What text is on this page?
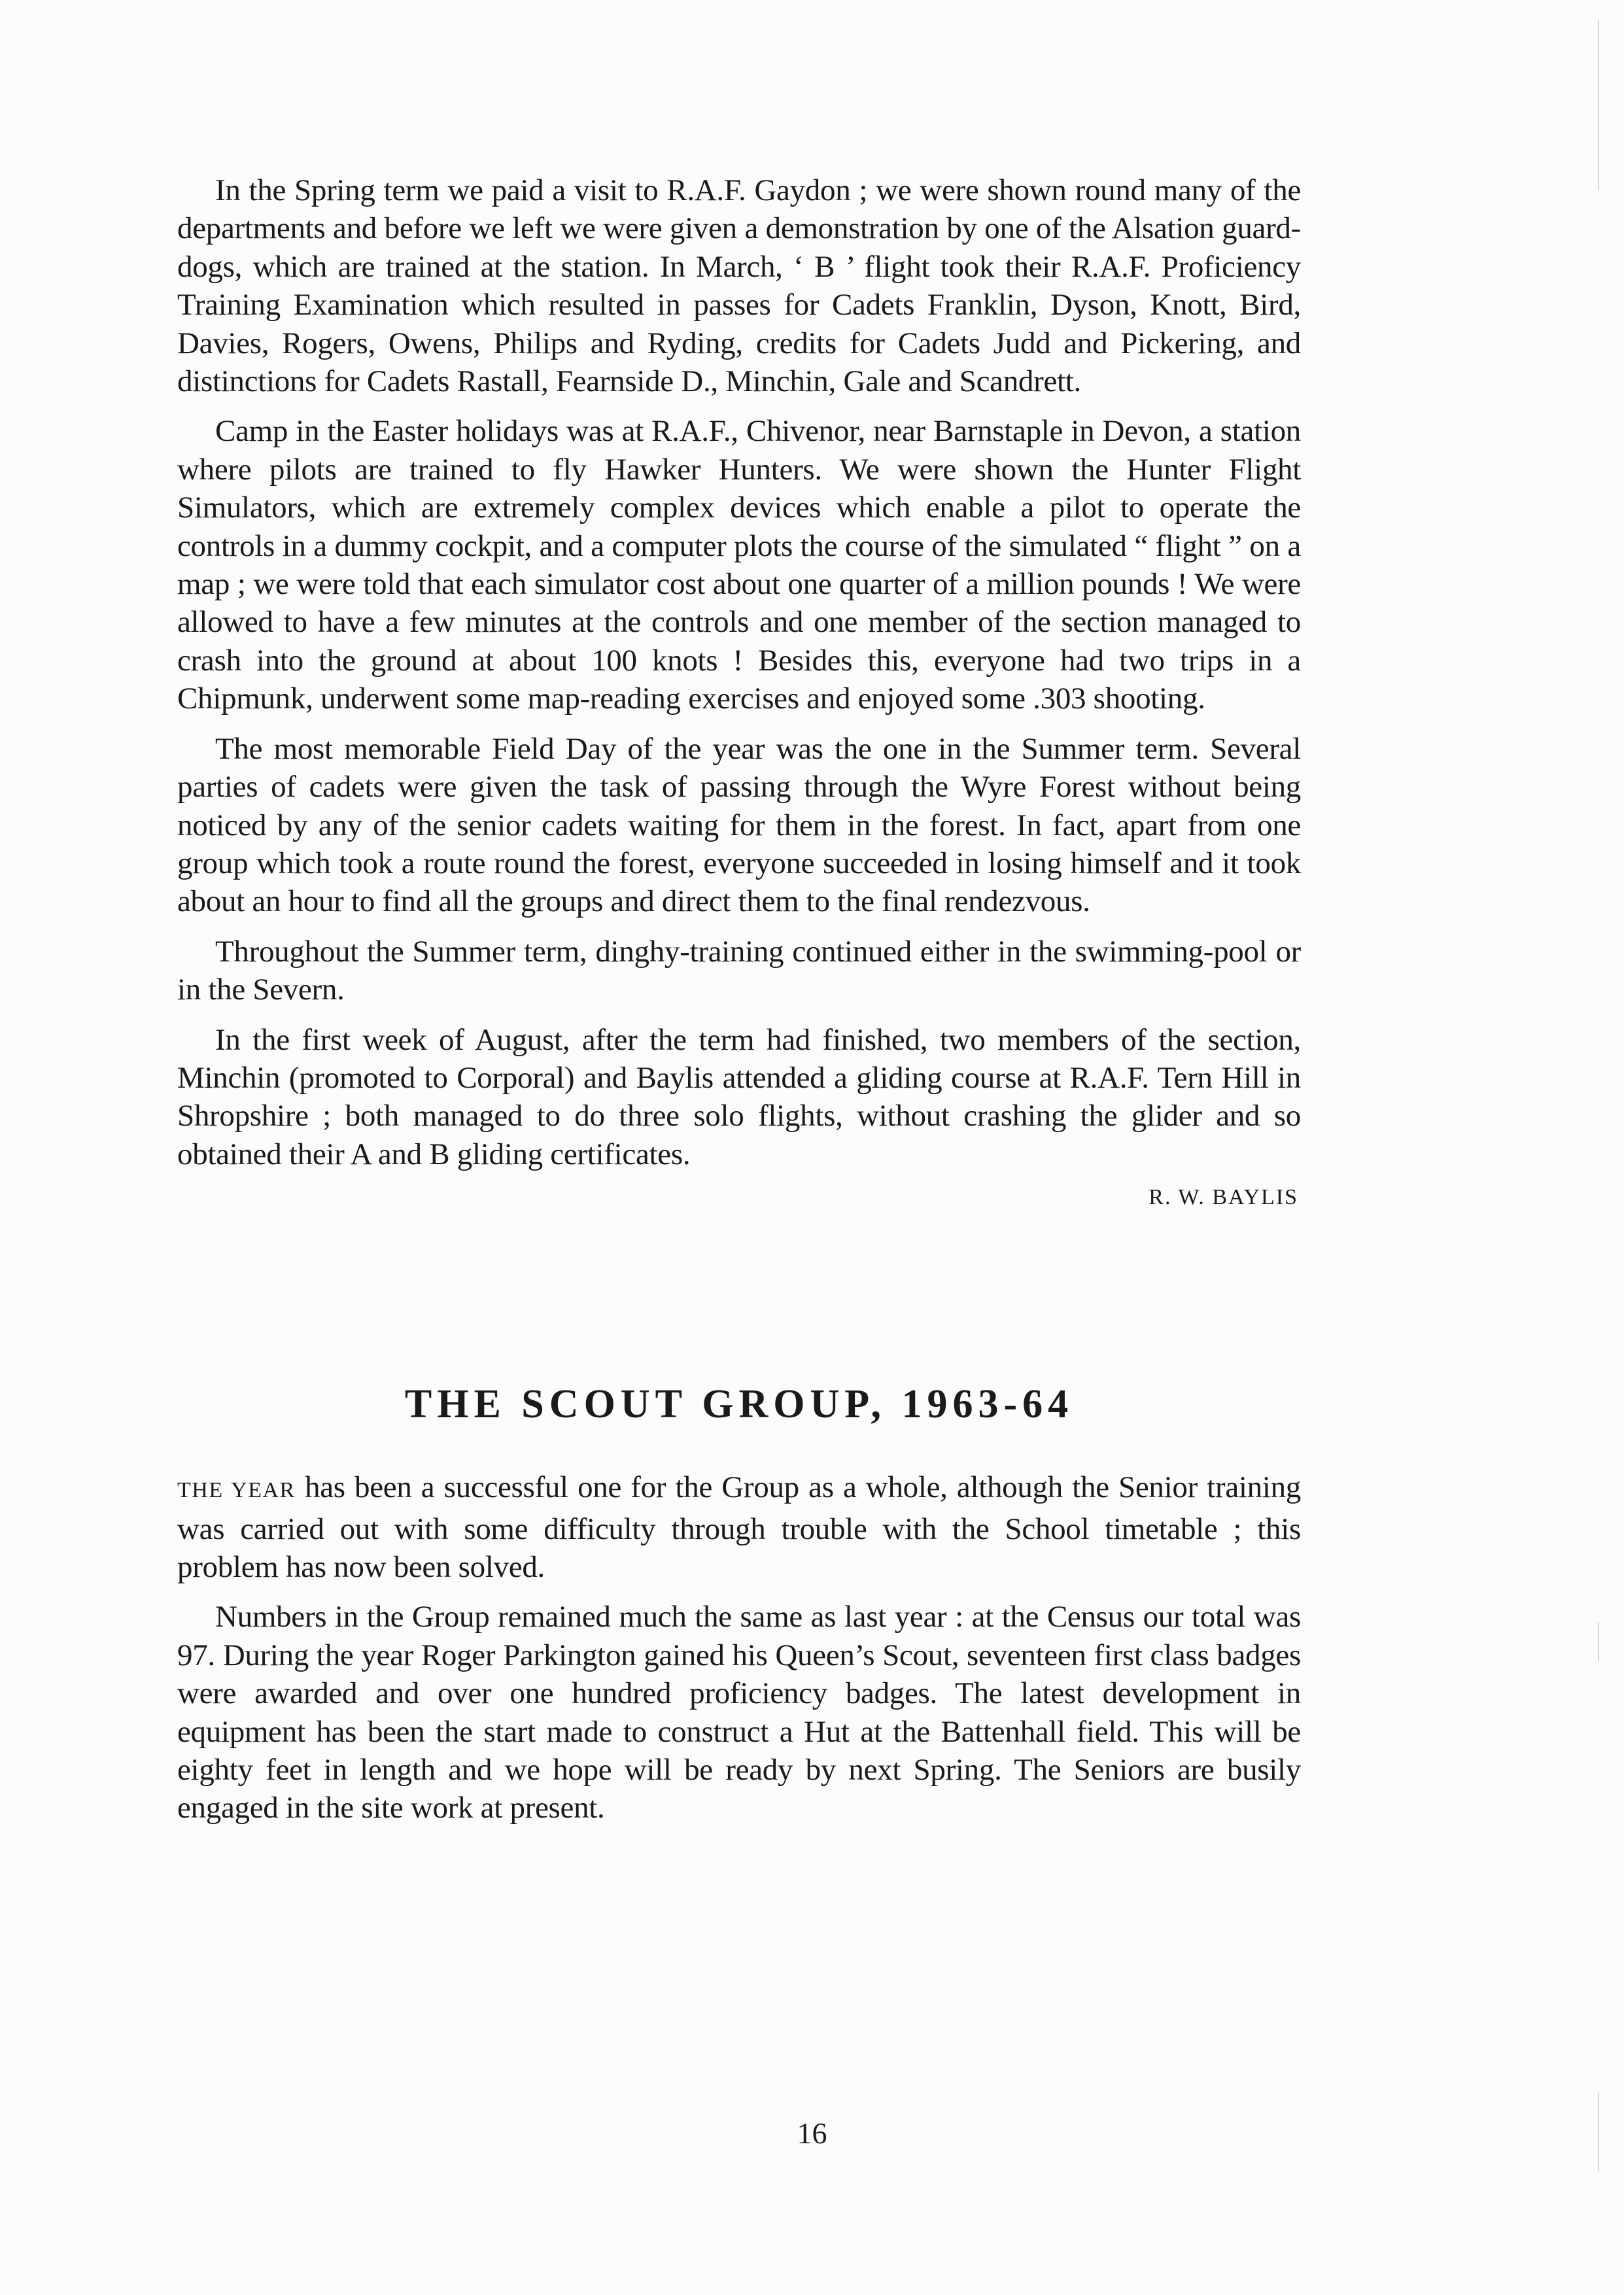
In the Spring term we paid a visit to R.A.F. Gaydon ; we were shown round many of the departments and before we left we were given a demonstration by one of the Alsation guard-dogs, which are trained at the station. In March, ‘ B ’ flight took their R.A.F. Proficiency Training Examination which resulted in passes for Cadets Franklin, Dyson, Knott, Bird, Davies, Rogers, Owens, Philips and Ryding, credits for Cadets Judd and Pickering, and distinctions for Cadets Rastall, Fearnside D., Minchin, Gale and Scandrett.

Camp in the Easter holidays was at R.A.F., Chivenor, near Barnstaple in Devon, a station where pilots are trained to fly Hawker Hunters. We were shown the Hunter Flight Simulators, which are extremely complex devices which enable a pilot to operate the controls in a dummy cockpit, and a computer plots the course of the simulated “ flight ” on a map ; we were told that each simulator cost about one quarter of a million pounds ! We were allowed to have a few minutes at the controls and one member of the section managed to crash into the ground at about 100 knots ! Besides this, everyone had two trips in a Chipmunk, underwent some map-reading exercises and enjoyed some .303 shooting.

The most memorable Field Day of the year was the one in the Summer term. Several parties of cadets were given the task of passing through the Wyre Forest without being noticed by any of the senior cadets waiting for them in the forest. In fact, apart from one group which took a route round the forest, everyone succeeded in losing himself and it took about an hour to find all the groups and direct them to the final rendezvous.

Throughout the Summer term, dinghy-training continued either in the swimming-pool or in the Severn.

In the first week of August, after the term had finished, two members of the section, Minchin (promoted to Corporal) and Baylis attended a gliding course at R.A.F. Tern Hill in Shropshire ; both managed to do three solo flights, without crashing the glider and so obtained their A and B gliding certificates.

R. W. BAYLIS

THE SCOUT GROUP, 1963-64

THE YEAR has been a successful one for the Group as a whole, although the Senior training was carried out with some difficulty through trouble with the School timetable ; this problem has now been solved.

Numbers in the Group remained much the same as last year : at the Census our total was 97. During the year Roger Parkington gained his Queen’s Scout, seventeen first class badges were awarded and over one hundred proficiency badges. The latest development in equipment has been the start made to construct a Hut at the Battenhall field. This will be eighty feet in length and we hope will be ready by next Spring. The Seniors are busily engaged in the site work at present.

16
